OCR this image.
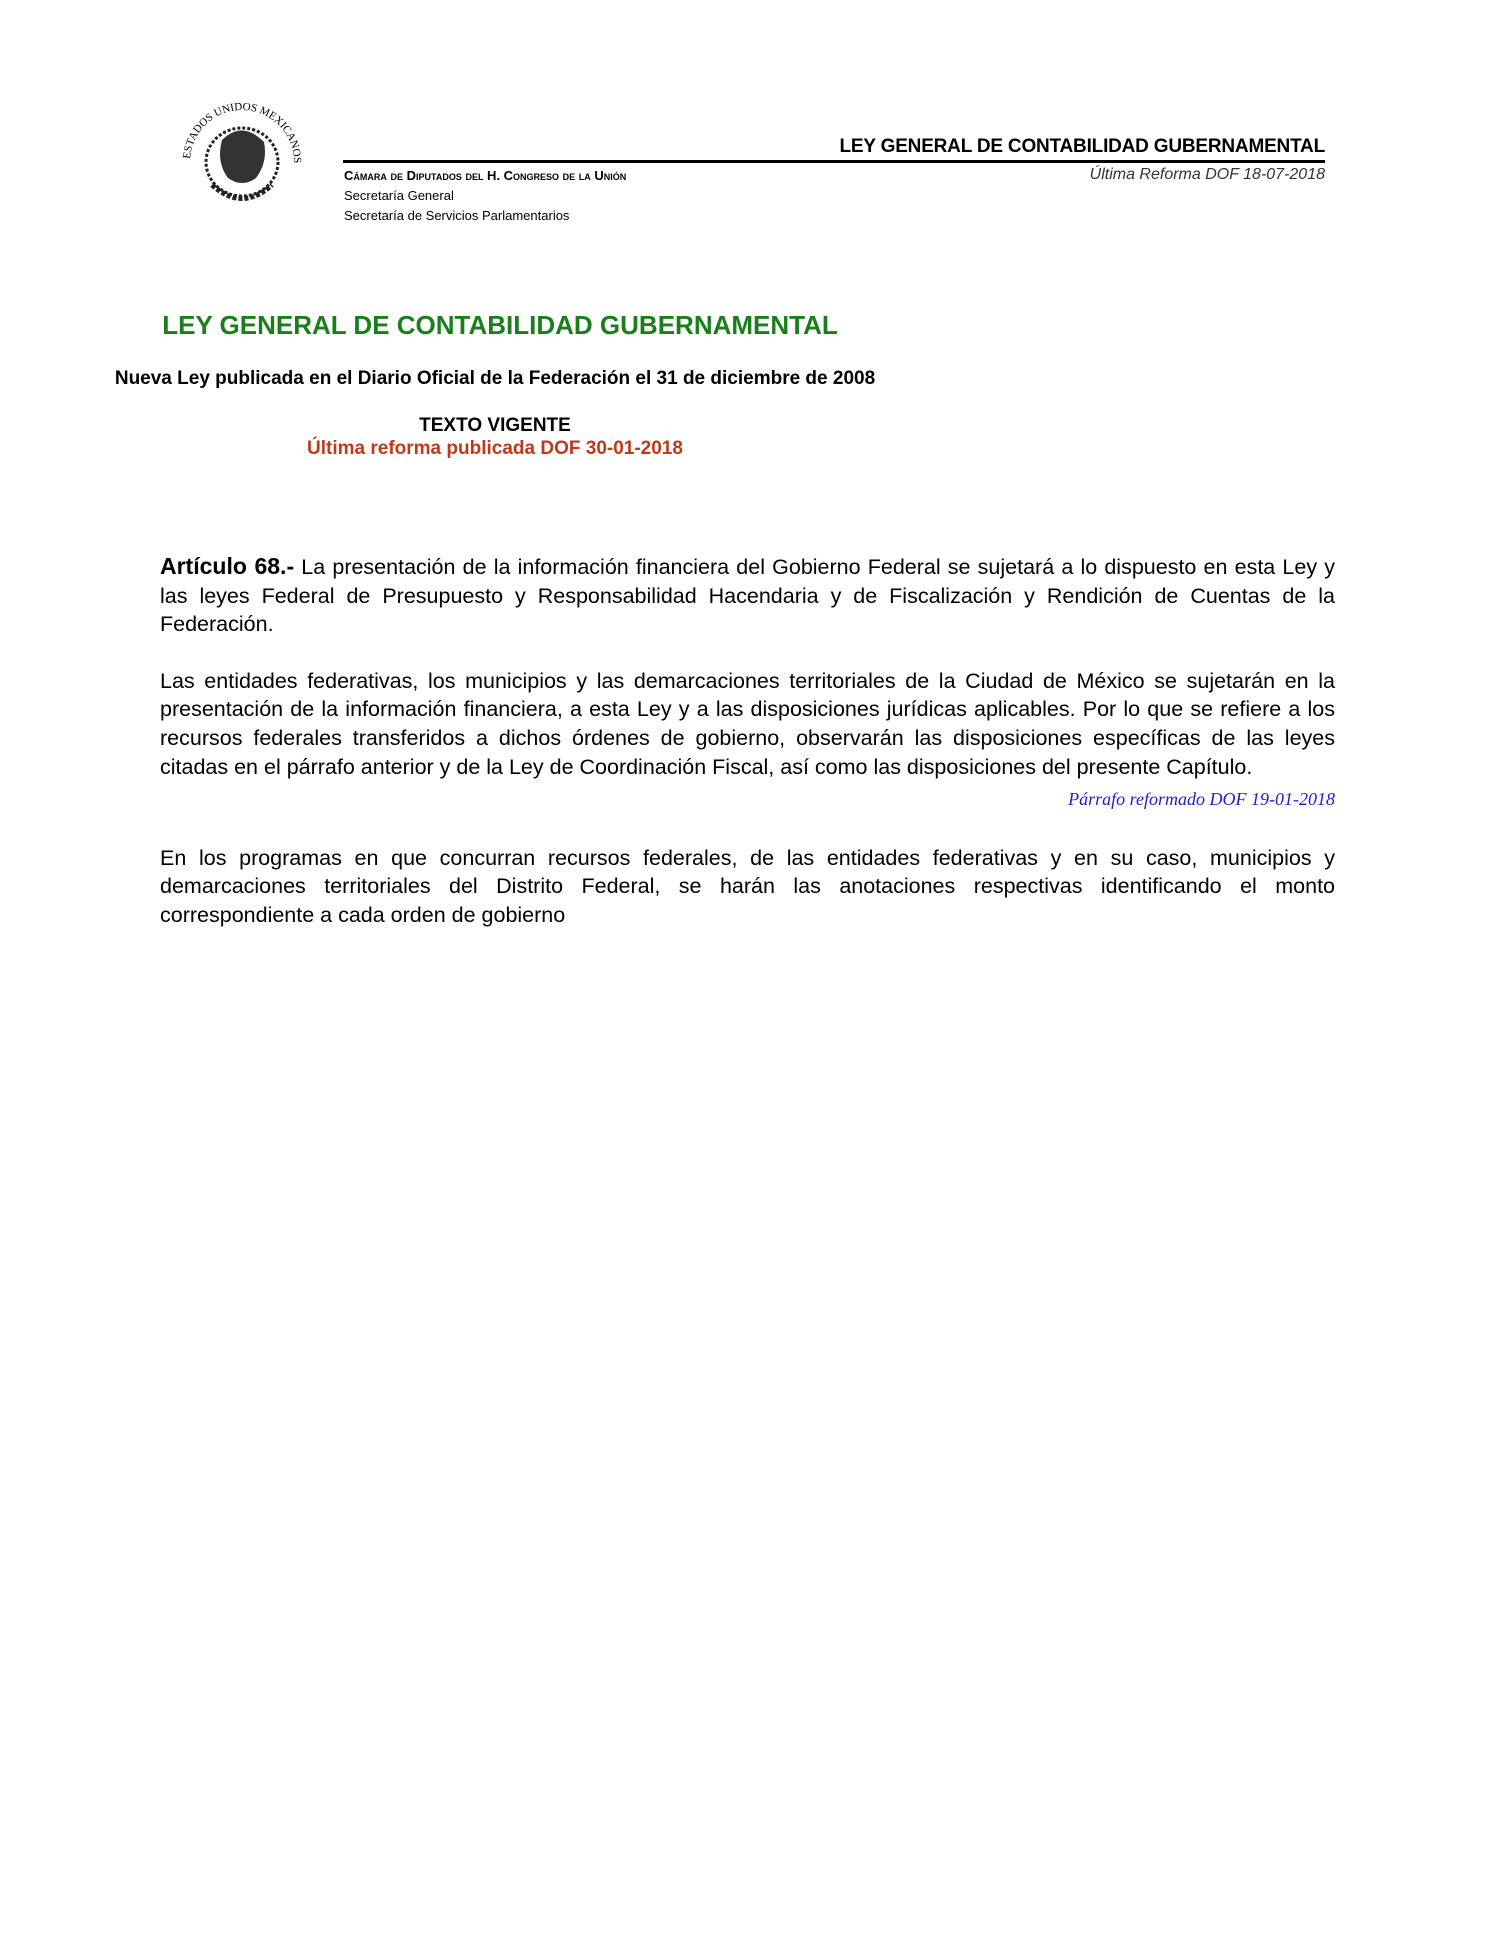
ESTADOS UNIDOS MEXICANOS
LEY GENERAL DE CONTABILIDAD GUBERNAMENTAL
Última Reforma DOF 18-07-2018
Cámara de Diputados del H. Congreso de la Unión
Secretaría General
Secretaría de Servicios Parlamentarios
LEY GENERAL DE CONTABILIDAD GUBERNAMENTAL
Nueva Ley publicada en el Diario Oficial de la Federación el 31 de diciembre de 2008
TEXTO VIGENTE
Última reforma publicada DOF 30-01-2018

Artículo 68.- La presentación de la información financiera del Gobierno Federal se sujetará a lo dispuesto en esta Ley y las leyes Federal de Presupuesto y Responsabilidad Hacendaria y de Fiscalización y Rendición de Cuentas de la Federación.

Las entidades federativas, los municipios y las demarcaciones territoriales de la Ciudad de México se sujetarán en la presentación de la información financiera, a esta Ley y a las disposiciones jurídicas aplicables. Por lo que se refiere a los recursos federales transferidos a dichos órdenes de gobierno, observarán las disposiciones específicas de las leyes citadas en el párrafo anterior y de la Ley de Coordinación Fiscal, así como las disposiciones del presente Capítulo.

Párrafo reformado DOF 19-01-2018

En los programas en que concurran recursos federales, de las entidades federativas y en su caso, municipios y demarcaciones territoriales del Distrito Federal, se harán las anotaciones respectivas identificando el monto correspondiente a cada orden de gobierno
